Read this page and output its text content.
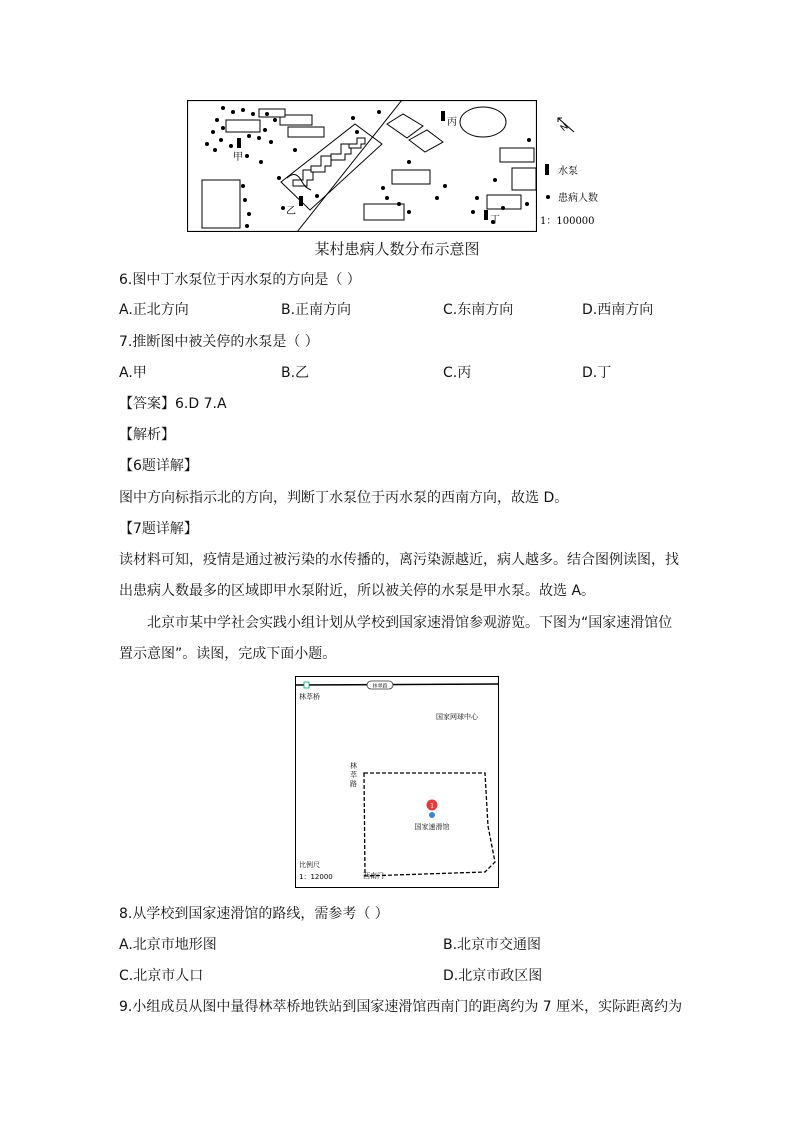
甲
乙
丙
丁
N
水泵
患病人数
1：100000
某村患病人数分布示意图
6.图中丁水泵位于丙水泵的方向是（ ）
A.正北方向	B.正南方向	C.东南方向	D.西南方向
7.推断图中被关停的水泵是（ ）
A.甲	B.乙	C.丙	D.丁
【答案】6.D 7.A
【解析】
【6题详解】
图中方向标指示北的方向，判断丁水泵位于丙水泵的西南方向，故选 D。
【7题详解】
读材料可知，疫情是通过被污染的水传播的，离污染源越近，病人越多。结合图例读图，找
出患病人数最多的区域即甲水泵附近，所以被关停的水泵是甲水泵。故选 A。
北京市某中学社会实践小组计划从学校到国家速滑馆参观游览。下图为“国家速滑馆位
置示意图”。读图，完成下面小题。
林翠路
林萃桥
国家网球中心
林
萃
路
1
国家速滑馆
比例尺
1：12000	西南门
8.从学校到国家速滑馆的路线，需参考（ ）
A.北京市地形图	B.北京市交通图
C.北京市人口	D.北京市政区图
9.小组成员从图中量得林萃桥地铁站到国家速滑馆西南门的距离约为 7 厘米，实际距离约为
